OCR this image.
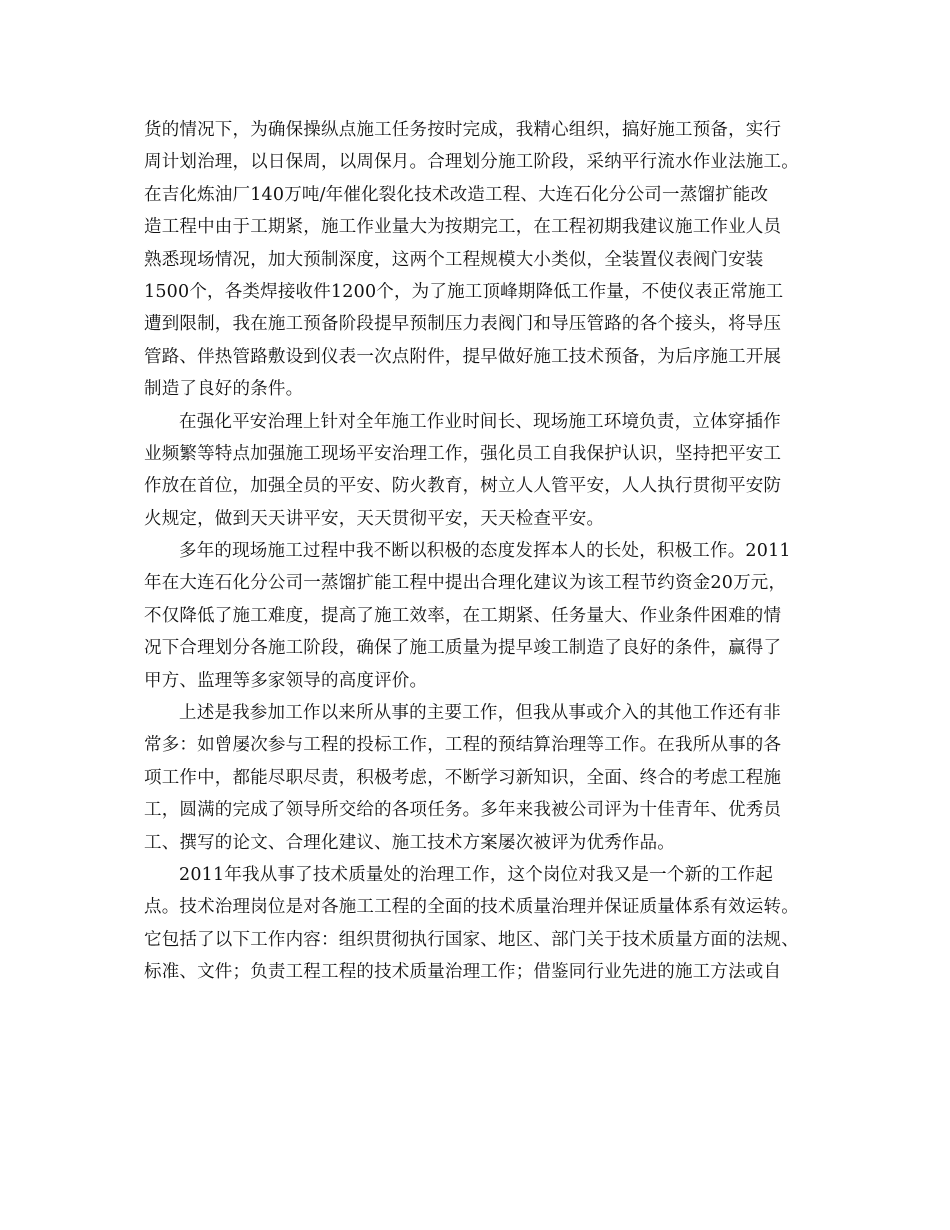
货的情况下，为确保操纵点施工任务按时完成，我精心组织，搞好施工预备，实行
周计划治理，以日保周，以周保月。合理划分施工阶段，采纳平行流水作业法施工。
在吉化炼油厂140万吨/年催化裂化技术改造工程、大连石化分公司一蒸馏扩能改
造工程中由于工期紧，施工作业量大为按期完工，在工程初期我建议施工作业人员
熟悉现场情况，加大预制深度，这两个工程规模大小类似，全装置仪表阀门安装
1500个，各类焊接收件1200个，为了施工顶峰期降低工作量，不使仪表正常施工
遭到限制，我在施工预备阶段提早预制压力表阀门和导压管路的各个接头，将导压
管路、伴热管路敷设到仪表一次点附件，提早做好施工技术预备，为后序施工开展
制造了良好的条件。
在强化平安治理上针对全年施工作业时间长、现场施工环境负责，立体穿插作
业频繁等特点加强施工现场平安治理工作，强化员工自我保护认识，坚持把平安工
作放在首位，加强全员的平安、防火教育，树立人人管平安，人人执行贯彻平安防
火规定，做到天天讲平安，天天贯彻平安，天天检查平安。
多年的现场施工过程中我不断以积极的态度发挥本人的长处，积极工作。2011
年在大连石化分公司一蒸馏扩能工程中提出合理化建议为该工程节约资金20万元，
不仅降低了施工难度，提高了施工效率，在工期紧、任务量大、作业条件困难的情
况下合理划分各施工阶段，确保了施工质量为提早竣工制造了良好的条件，赢得了
甲方、监理等多家领导的高度评价。
上述是我参加工作以来所从事的主要工作，但我从事或介入的其他工作还有非
常多：如曾屡次参与工程的投标工作，工程的预结算治理等工作。在我所从事的各
项工作中，都能尽职尽责，积极考虑，不断学习新知识，全面、终合的考虑工程施
工，圆满的完成了领导所交给的各项任务。多年来我被公司评为十佳青年、优秀员
工、撰写的论文、合理化建议、施工技术方案屡次被评为优秀作品。
2011年我从事了技术质量处的治理工作，这个岗位对我又是一个新的工作起
点。技术治理岗位是对各施工工程的全面的技术质量治理并保证质量体系有效运转。
它包括了以下工作内容：组织贯彻执行国家、地区、部门关于技术质量方面的法规、
标准、文件；负责工程工程的技术质量治理工作；借鉴同行业先进的施工方法或自
